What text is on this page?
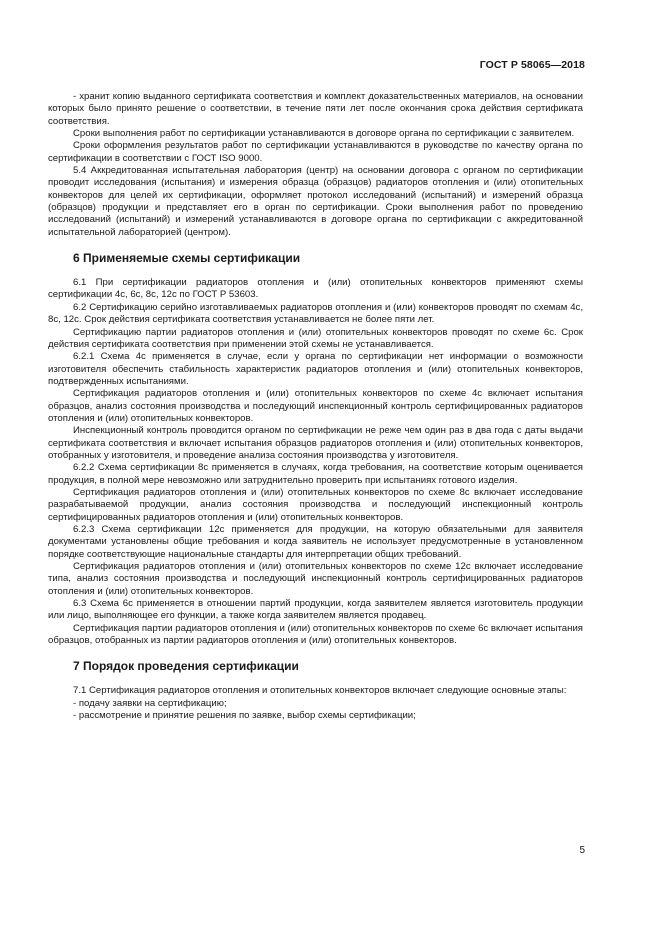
ГОСТ Р 58065—2018

- хранит копию выданного сертификата соответствия и комплект доказательственных материалов, на основании которых было принято решение о соответствии, в течение пяти лет после окончания срока действия сертификата соответствия.

Сроки выполнения работ по сертификации устанавливаются в договоре органа по сертификации с заявителем.

Сроки оформления результатов работ по сертификации устанавливаются в руководстве по качеству органа по сертификации в соответствии с ГОСТ ISO 9000.

5.4 Аккредитованная испытательная лаборатория (центр) на основании договора с органом по сертификации проводит исследования (испытания) и измерения образца (образцов) радиаторов отопления и (или) отопительных конвекторов для целей их сертификации, оформляет протокол исследований (испытаний) и измерений образца (образцов) продукции и представляет его в орган по сертификации. Сроки выполнения работ по проведению исследований (испытаний) и измерений устанавливаются в договоре органа по сертификации с аккредитованной испытательной лабораторией (центром).

6 Применяемые схемы сертификации

6.1 При сертификации радиаторов отопления и (или) отопительных конвекторов применяют схемы сертификации 4с, 6с, 8с, 12с по ГОСТ Р 53603.

6.2 Сертификацию серийно изготавливаемых радиаторов отопления и (или) конвекторов проводят по схемам 4с, 8с, 12с. Срок действия сертификата соответствия устанавливается не более пяти лет.

Сертификацию партии радиаторов отопления и (или) отопительных конвекторов проводят по схеме 6с. Срок действия сертификата соответствия при применении этой схемы не устанавливается.

6.2.1 Схема 4с применяется в случае, если у органа по сертификации нет информации о возможности изготовителя обеспечить стабильность характеристик радиаторов отопления и (или) отопительных конвекторов, подтвержденных испытаниями.

Сертификация радиаторов отопления и (или) отопительных конвекторов по схеме 4с включает испытания образцов, анализ состояния производства и последующий инспекционный контроль сертифицированных радиаторов отопления и (или) отопительных конвекторов.

Инспекционный контроль проводится органом по сертификации не реже чем один раз в два года с даты выдачи сертификата соответствия и включает испытания образцов радиаторов отопления и (или) отопительных конвекторов, отобранных у изготовителя, и проведение анализа состояния производства у изготовителя.

6.2.2 Схема сертификации 8с применяется в случаях, когда требования, на соответствие которым оценивается продукция, в полной мере невозможно или затруднительно проверить при испытаниях готового изделия.

Сертификация радиаторов отопления и (или) отопительных конвекторов по схеме 8с включает исследование разрабатываемой продукции, анализ состояния производства и последующий инспекционный контроль сертифицированных радиаторов отопления и (или) отопительных конвекторов.

6.2.3 Схема сертификации 12с применяется для продукции, на которую обязательными для заявителя документами установлены общие требования и когда заявитель не использует предусмотренные в установленном порядке соответствующие национальные стандарты для интерпретации общих требований.

Сертификация радиаторов отопления и (или) отопительных конвекторов по схеме 12с включает исследование типа, анализ состояния производства и последующий инспекционный контроль сертифицированных радиаторов отопления и (или) отопительных конвекторов.

6.3 Схема 6с применяется в отношении партий продукции, когда заявителем является изготовитель продукции или лицо, выполняющее его функции, а также когда заявителем является продавец.

Сертификация партии радиаторов отопления и (или) отопительных конвекторов по схеме 6с включает испытания образцов, отобранных из партии радиаторов отопления и (или) отопительных конвекторов.

7 Порядок проведения сертификации

7.1 Сертификация радиаторов отопления и отопительных конвекторов включает следующие основные этапы:

- подачу заявки на сертификацию;

- рассмотрение и принятие решения по заявке, выбор схемы сертификации;

5
